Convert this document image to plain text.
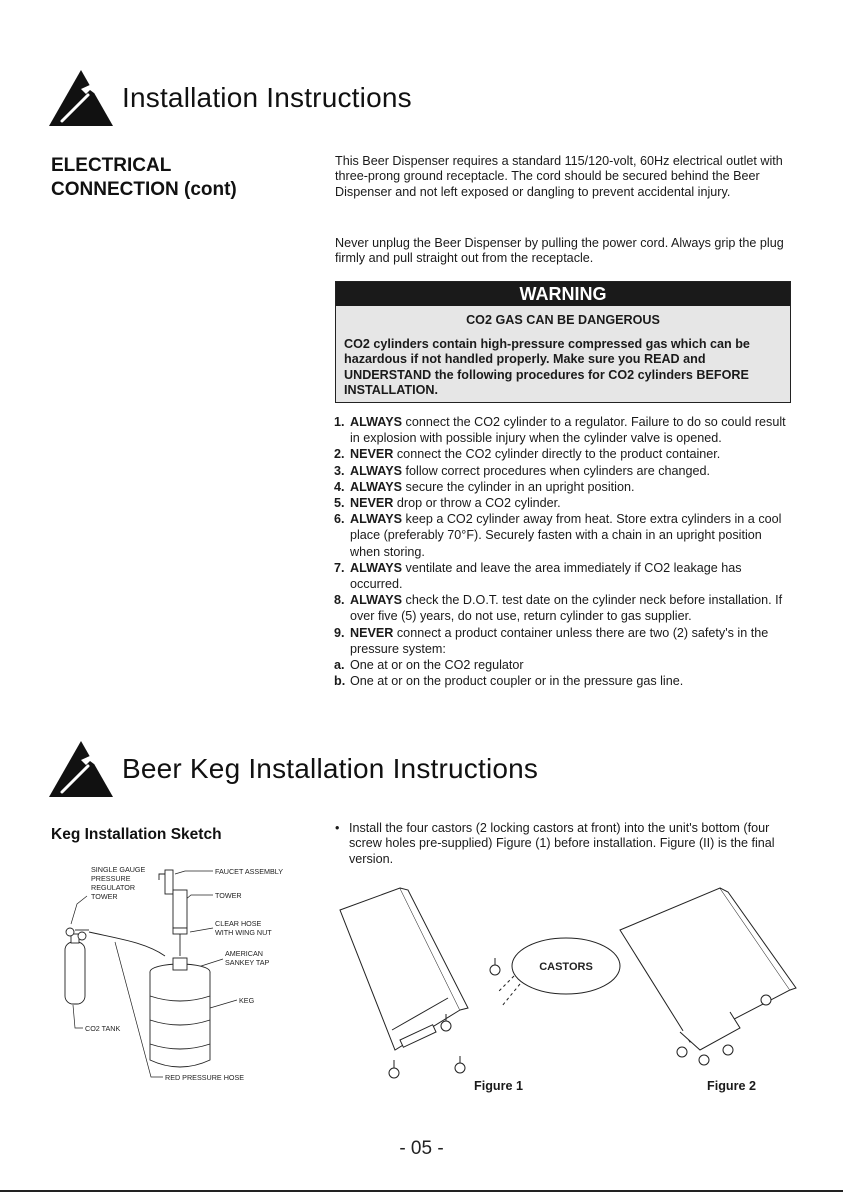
Installation Instructions
ELECTRICAL
CONNECTION (cont)
This Beer Dispenser requires a standard 115/120-volt, 60Hz electrical outlet with three-prong ground receptacle. The cord should be secured behind the Beer Dispenser and not left exposed or dangling to prevent accidental injury.
Never unplug the Beer Dispenser by pulling the power cord. Always grip the plug firmly and pull straight out from the receptacle.
WARNING
CO2 GAS CAN BE DANGEROUS
CO2 cylinders contain high-pressure compressed gas which can be hazardous if not handled properly. Make sure you READ and UNDERSTAND the following procedures for CO2 cylinders BEFORE INSTALLATION.
1. ALWAYS connect the CO2 cylinder to a regulator. Failure to do so could result in explosion with possible injury when the cylinder valve is opened.
2. NEVER connect the CO2 cylinder directly to the product container.
3. ALWAYS follow correct procedures when cylinders are changed.
4. ALWAYS secure the cylinder in an upright position.
5. NEVER drop or throw a CO2 cylinder.
6. ALWAYS keep a CO2 cylinder away from heat. Store extra cylinders in a cool place (preferably 70°F). Securely fasten with a chain in an upright position when storing.
7. ALWAYS ventilate and leave the area immediately if CO2 leakage has occurred.
8. ALWAYS check the D.O.T. test date on the cylinder neck before installation. If over five (5) years, do not use, return cylinder to gas supplier.
9. NEVER connect a product container unless there are two (2) safety's in the pressure system:
a. One at or on the CO2 regulator
b. One at or on the product coupler or in the pressure gas line.
Beer Keg Installation Instructions
Keg Installation Sketch	• Install the four castors (2 locking castors at front) into the unit's bottom (four screw holes pre-supplied) Figure (1) before installation. Figure (II) is the final version.
SINGLE GAUGE
PRESSURE
REGULATOR
TOWER
FAUCET ASSEMBLY
TOWER
CLEAR HOSE
WITH WING NUT
AMERICAN
SANKEY TAP
KEG
CO2 TANK
RED PRESSURE HOSE
CASTORS
Figure 1	Figure 2
- 05 -
